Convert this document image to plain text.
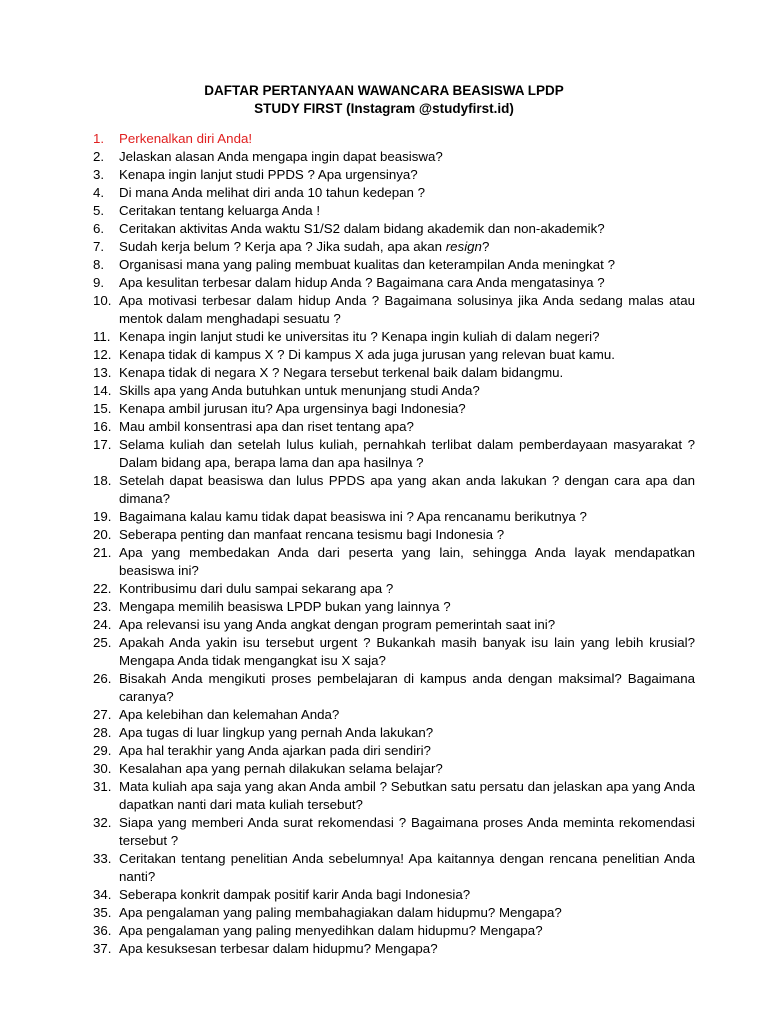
DAFTAR PERTANYAAN WAWANCARA BEASISWA LPDP
STUDY FIRST (Instagram @studyfirst.id)
1.	Perkenalkan diri Anda!
2.	Jelaskan alasan Anda mengapa ingin dapat beasiswa?
3.	Kenapa ingin lanjut studi PPDS ? Apa urgensinya?
4.	Di mana Anda melihat diri anda 10 tahun kedepan ?
5.	Ceritakan tentang keluarga Anda !
6.	Ceritakan aktivitas Anda waktu S1/S2 dalam bidang akademik dan non-akademik?
7.	Sudah kerja belum ? Kerja apa ? Jika sudah, apa akan resign?
8.	Organisasi mana yang paling membuat kualitas dan keterampilan Anda meningkat ?
9.	Apa kesulitan terbesar dalam hidup Anda ? Bagaimana cara Anda mengatasinya ?
10. Apa motivasi terbesar dalam hidup Anda ? Bagaimana solusinya jika Anda sedang malas atau mentok dalam menghadapi sesuatu ?
11. Kenapa ingin lanjut studi ke universitas itu ? Kenapa ingin kuliah di dalam negeri?
12. Kenapa tidak di kampus X ? Di kampus X ada juga jurusan yang relevan buat kamu.
13. Kenapa tidak di negara X ? Negara tersebut terkenal baik dalam bidangmu.
14. Skills apa yang Anda butuhkan untuk menunjang studi Anda?
15. Kenapa ambil jurusan itu? Apa urgensinya bagi Indonesia?
16. Mau ambil konsentrasi apa dan riset tentang apa?
17. Selama kuliah dan setelah lulus kuliah, pernahkah terlibat dalam pemberdayaan masyarakat ? Dalam bidang apa, berapa lama dan apa hasilnya ?
18. Setelah dapat beasiswa dan lulus PPDS apa yang akan anda lakukan ? dengan cara apa dan dimana?
19. Bagaimana kalau kamu tidak dapat beasiswa ini ? Apa rencanamu berikutnya ?
20. Seberapa penting dan manfaat rencana tesismu bagi Indonesia ?
21. Apa yang membedakan Anda dari peserta yang lain, sehingga Anda layak mendapatkan beasiswa ini?
22. Kontribusimu dari dulu sampai sekarang apa ?
23. Mengapa memilih beasiswa LPDP bukan yang lainnya ?
24. Apa relevansi isu yang Anda angkat dengan program pemerintah saat ini?
25. Apakah Anda yakin isu tersebut urgent ? Bukankah masih banyak isu lain yang lebih krusial? Mengapa Anda tidak mengangkat isu X saja?
26. Bisakah Anda mengikuti proses pembelajaran di kampus anda dengan maksimal? Bagaimana caranya?
27. Apa kelebihan dan kelemahan Anda?
28. Apa tugas di luar lingkup yang pernah Anda lakukan?
29. Apa hal terakhir yang Anda ajarkan pada diri sendiri?
30. Kesalahan apa yang pernah dilakukan selama belajar?
31. Mata kuliah apa saja yang akan Anda ambil ? Sebutkan satu persatu dan jelaskan apa yang Anda dapatkan nanti dari mata kuliah tersebut?
32. Siapa yang memberi Anda surat rekomendasi ? Bagaimana proses Anda meminta rekomendasi tersebut ?
33. Ceritakan tentang penelitian Anda sebelumnya! Apa kaitannya dengan rencana penelitian Anda nanti?
34. Seberapa konkrit dampak positif karir Anda bagi Indonesia?
35. Apa pengalaman yang paling membahagiakan dalam hidupmu? Mengapa?
36. Apa pengalaman yang paling menyedihkan dalam hidupmu? Mengapa?
37. Apa kesuksesan terbesar dalam hidupmu? Mengapa?
